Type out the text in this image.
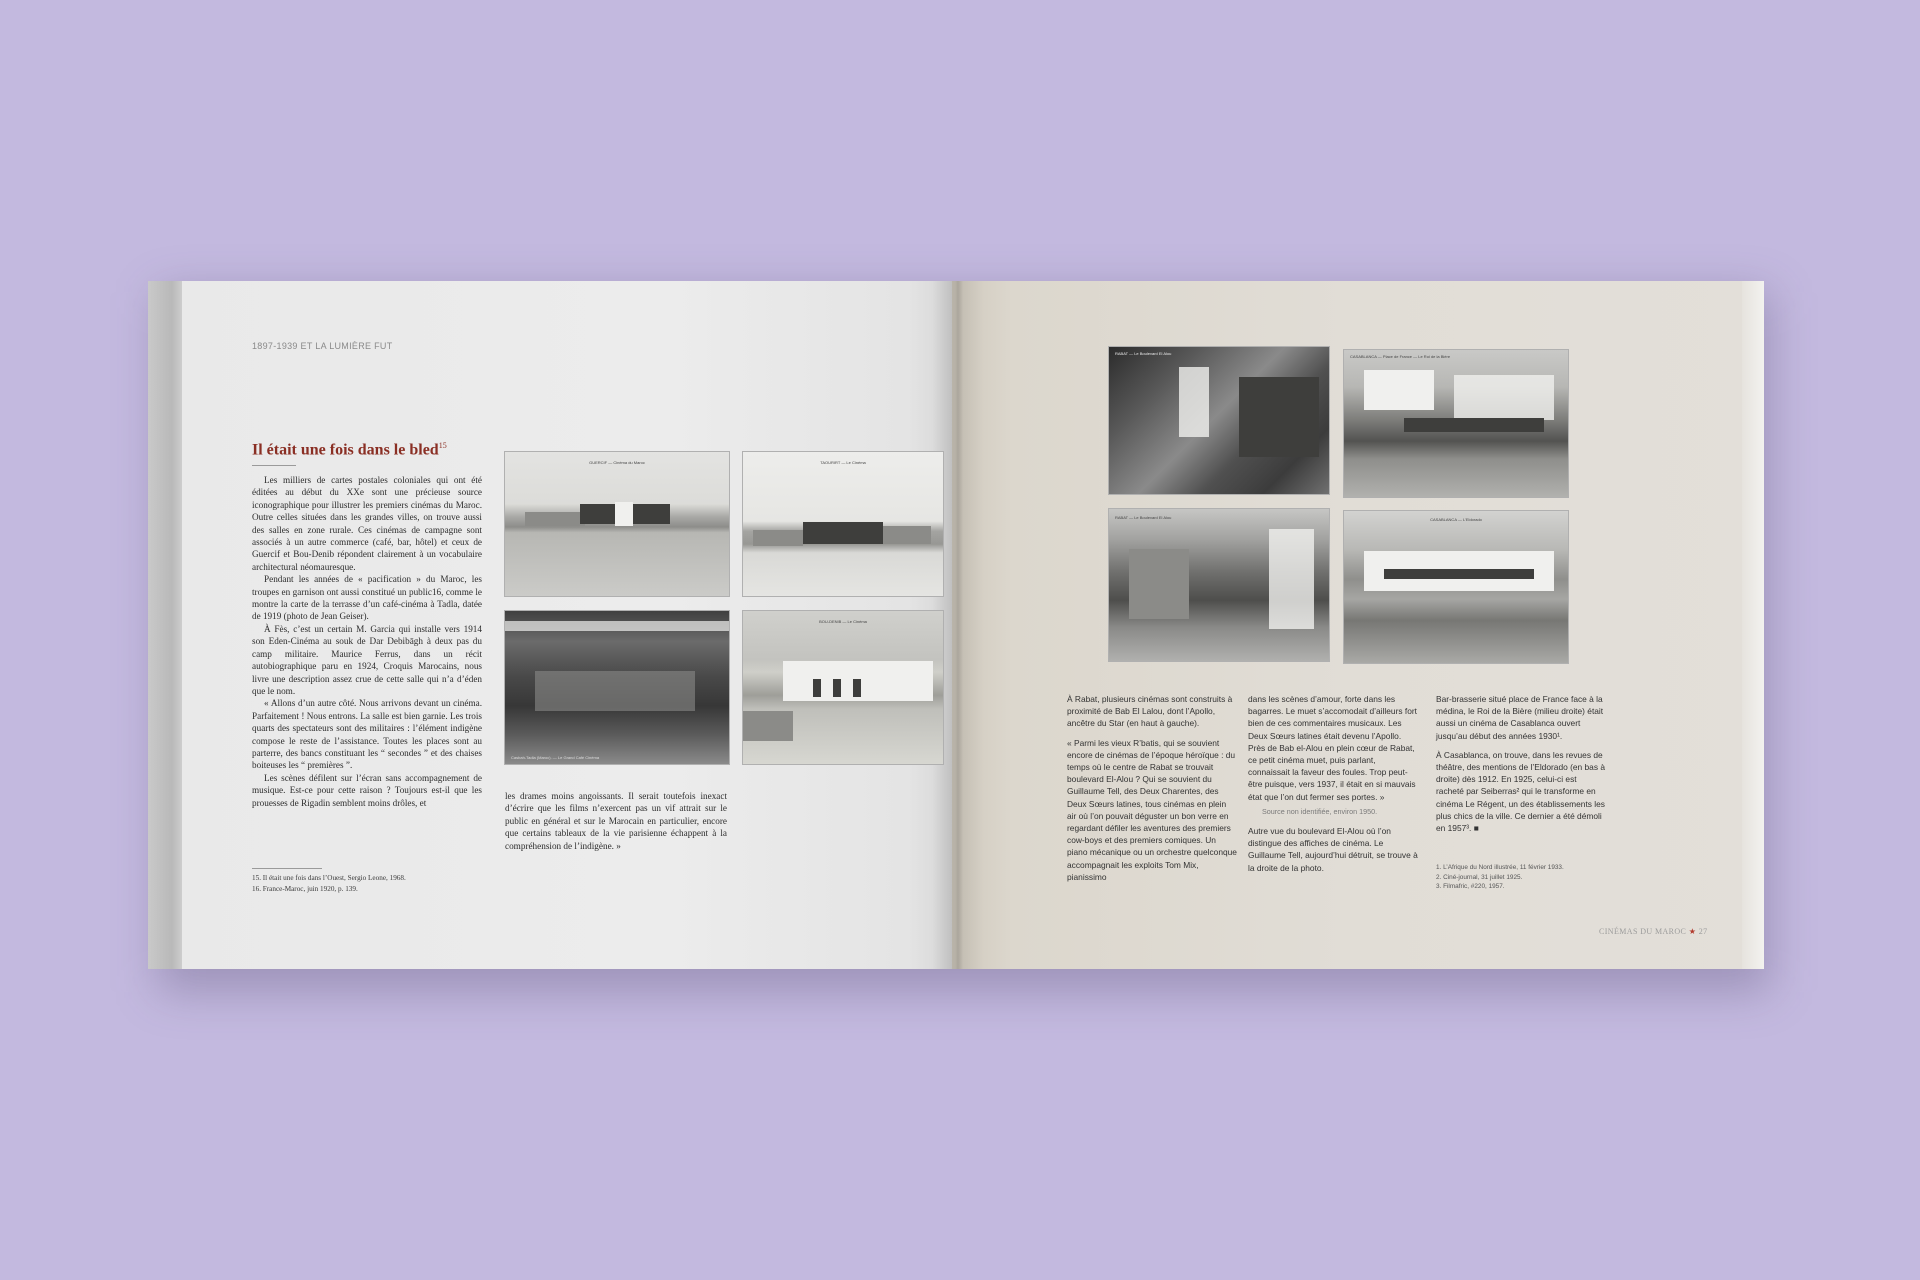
1897-1939 ET LA LUMIÈRE FUT
Il était une fois dans le bled$^{15}$

Les milliers de cartes postales coloniales qui ont été éditées au début du XXe sont une précieuse source iconographique pour illustrer les premiers cinémas du Maroc. Outre celles situées dans les grandes villes, on trouve aussi des salles en zone rurale. Ces cinémas de campagne sont associés à un autre commerce (café, bar, hôtel) et ceux de Guercif et Bou-Denib répondent clairement à un vocabulaire architectural néomauresque.

Pendant les années de « pacification » du Maroc, les troupes en garnison ont aussi constitué un public16, comme le montre la carte de la terrasse d’un café-cinéma à Tadla, datée de 1919 (photo de Jean Geiser).

À Fès, c’est un certain M. Garcia qui installe vers 1914 son Eden-Cinéma au souk de Dar Debibāgh à deux pas du camp militaire. Maurice Ferrus, dans un récit autobiographique paru en 1924, Croquis Marocains, nous livre une description assez crue de cette salle qui n’a d’éden que le nom.

« Allons d’un autre côté. Nous arrivons devant un cinéma. Parfaitement ! Nous entrons. La salle est bien garnie. Les trois quarts des spectateurs sont des militaires : l’élément indigène compose le reste de l’assistance. Toutes les places sont au parterre, des bancs constituant les “ secondes ” et des chaises boiteuses les “ premières ”.

Les scènes défilent sur l’écran sans accompagnement de musique. Est-ce pour cette raison ? Toujours est-il que les prouesses de Rigadin semblent moins drôles, et

les drames moins angoissants. Il serait toutefois inexact d’écrire que les films n’exercent pas un vif attrait sur le public en général et sur le Marocain en particulier, encore que certains tableaux de la vie parisienne échappent à la compréhension de l’indigène. »

15. Il était une fois dans l’Ouest, Sergio Leone, 1968.
16. France-Maroc, juin 1920, p. 139.
GUERCIF — Cinéma du Maroc	TAOURIRT — Le Cinéma
Casbah-Tadla (Maroc). — Le Grand Café Cinéma
BOU-DENIB — Le Cinéma
RABAT — Le Boulevard El Alou
CASABLANCA — Place de France — Le Roi de la Bière
RABAT — Le Boulevard El Alou	CASABLANCA — L’Eldorado

À Rabat, plusieurs cinémas sont construits à proximité de Bab El Lalou, dont l’Apollo, ancêtre du Star (en haut à gauche).

« Parmi les vieux R’batis, qui se souvient encore de cinémas de l’époque héroïque : du temps où le centre de Rabat se trouvait boulevard El-Alou ? Qui se souvient du Guillaume Tell, des Deux Charentes, des Deux Sœurs latines, tous cinémas en plein air où l’on pouvait déguster un bon verre en regardant défiler les aventures des premiers cow-boys et des premiers comiques. Un piano mécanique ou un orchestre quelconque accompagnait les exploits Tom Mix, pianissimo

dans les scènes d’amour, forte dans les bagarres. Le muet s’accomodait d’ailleurs fort bien de ces commentaires musicaux. Les Deux Sœurs latines était devenu l’Apollo. Près de Bab el-Alou en plein cœur de Rabat, ce petit cinéma muet, puis parlant, connaissait la faveur des foules. Trop peut-être puisque, vers 1937, il était en si mauvais état que l’on dut fermer ses portes. »

Source non identifiée, environ 1950.

Autre vue du boulevard El-Alou où l’on distingue des affiches de cinéma. Le Guillaume Tell, aujourd’hui détruit, se trouve à la droite de la photo.

Bar-brasserie situé place de France face à la médina, le Roi de la Bière (milieu droite) était aussi un cinéma de Casablanca ouvert jusqu’au début des années 1930¹.

À Casablanca, on trouve, dans les revues de théâtre, des mentions de l’Eldorado (en bas à droite) dès 1912. En 1925, celui-ci est racheté par Seiberras² qui le transforme en cinéma Le Régent, un des établissements les plus chics de la ville. Ce dernier a été démoli en 1957³. ■

1. L’Afrique du Nord illustrée, 11 février 1933.
2. Ciné-journal, 31 juillet 1925.
3. Filmafric, #220, 1957.
CINÉMAS DU MAROC ★ 27
